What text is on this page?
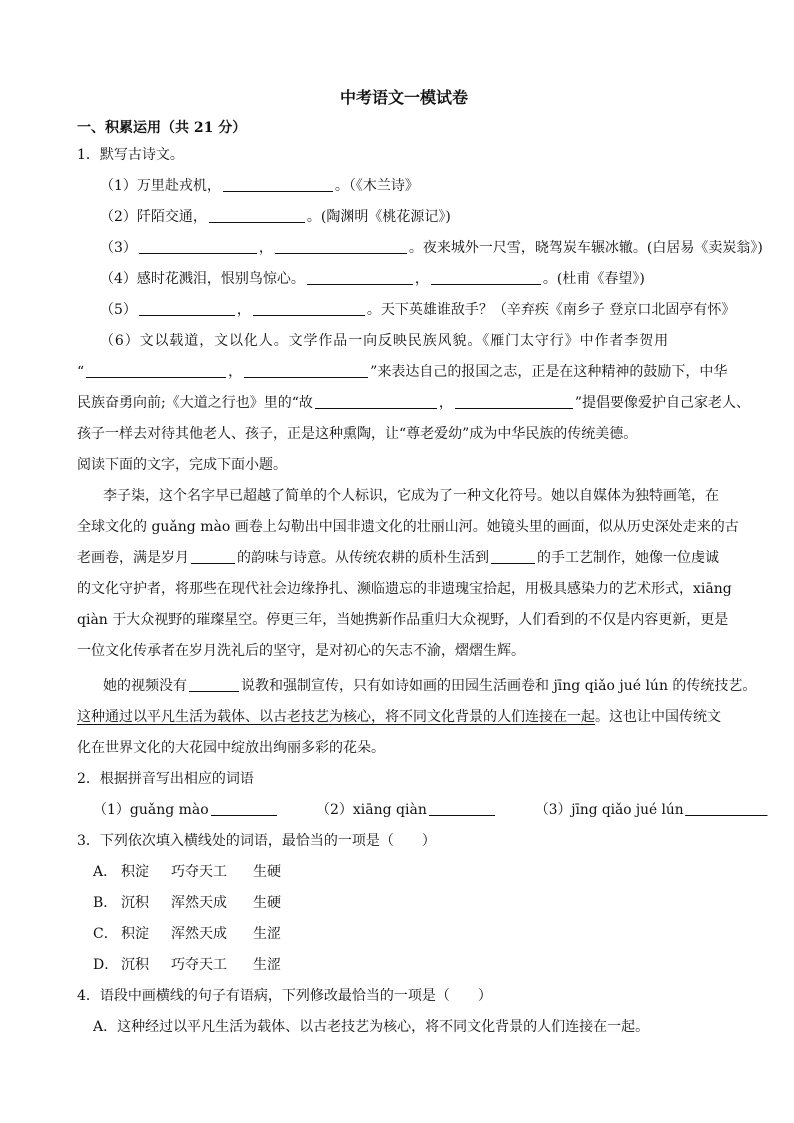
中考语文一模试卷
一、积累运用（共 21 分）
1．默写古诗文。
（1）万里赴戎机，	。（《木兰诗》
（2）阡陌交通，	。(陶渊明《桃花源记》)
（3）	，	。夜来城外一尺雪，晓驾炭车辗冰辙。(白居易《卖炭翁》)
（4）感时花溅泪，恨别鸟惊心。	，	。(杜甫《春望》)
（5）	，	。天下英雄谁敌手？（辛弃疾《南乡子 登京口北固亭有怀》
（6）文以载道，文以化人。文学作品一向反映民族风貌。《雁门太守行》中作者李贺用
“	，	”来表达自己的报国之志，正是在这种精神的鼓励下，中华
民族奋勇向前;《大道之行也》里的“故	，	”提倡要像爱护自己家老人、
孩子一样去对待其他老人、孩子，正是这种熏陶，让“尊老爱幼”成为中华民族的传统美德。
阅读下面的文字，完成下面小题。
李子柒，这个名字早已超越了简单的个人标识，它成为了一种文化符号。她以自媒体为独特画笔，在
全球文化的 guǎng mào 画卷上勾勒出中国非遗文化的壮丽山河。她镜头里的画面，似从历史深处走来的古
老画卷，满是岁月	的韵味与诗意。从传统农耕的质朴生活到	的手工艺制作，她像一位虔诚
的文化守护者，将那些在现代社会边缘挣扎、濒临遗忘的非遗瑰宝拾起，用极具感染力的艺术形式，xiāng
qiàn 于大众视野的璀璨星空。停更三年，当她携新作品重归大众视野，人们看到的不仅是内容更新，更是
一位文化传承者在岁月洗礼后的坚守，是对初心的矢志不渝，熠熠生辉。
她的视频没有	说教和强制宣传，只有如诗如画的田园生活画卷和 jīng qiǎo jué lún 的传统技艺。
这种通过以平凡生活为载体、以古老技艺为核心，将不同文化背景的人们连接在一起。这也让中国传统文
化在世界文化的大花园中绽放出绚丽多彩的花朵。
2．根据拼音写出相应的词语
（1）guǎng mào	（2）xiāng qiàn	（3）jīng qiǎo jué lún
3．下列依次填入横线处的词语，最恰当的一项是（　　）
A． 积淀 巧夺天工 生硬
B． 沉积 浑然天成 生硬
C． 积淀 浑然天成 生涩
D． 沉积 巧夺天工 生涩
4．语段中画横线的句子有语病，下列修改最恰当的一项是（　　）
A．这种经过以平凡生活为载体、以古老技艺为核心，将不同文化背景的人们连接在一起。
